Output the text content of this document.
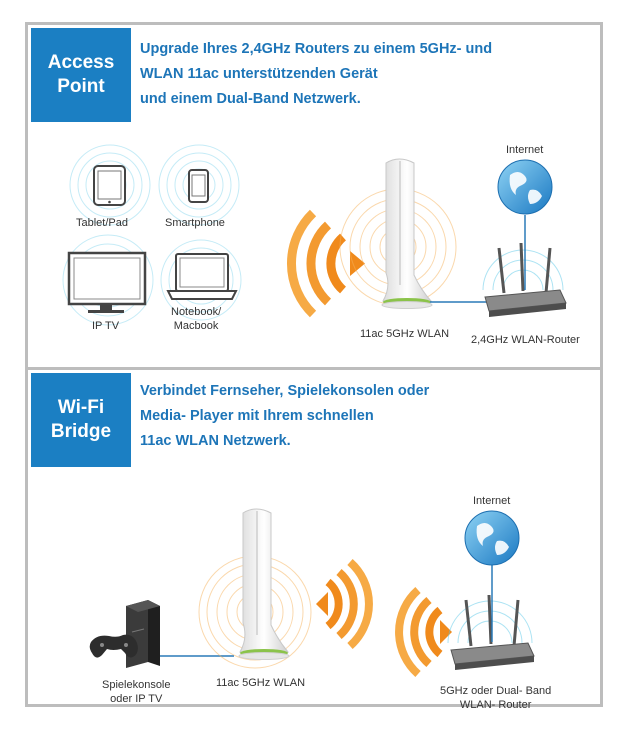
Access
Point
Upgrade Ihres 2,4GHz Routers zu einem 5GHz- und
WLAN 11ac unterstützenden Gerät
und einem Dual-Band Netzwerk.
Tablet/Pad	Smartphone
IP TV
Notebook/
Macbook
11ac 5GHz WLAN 2,4GHz WLAN-Router
Internet
Wi-Fi
Bridge
Verbindet Fernseher, Spielekonsolen oder
Media- Player mit Ihrem schnellen
11ac WLAN Netzwerk.
Spielekonsole
oder IP TV
11ac 5GHz WLAN
5GHz oder Dual- Band
WLAN- Router
Internet
